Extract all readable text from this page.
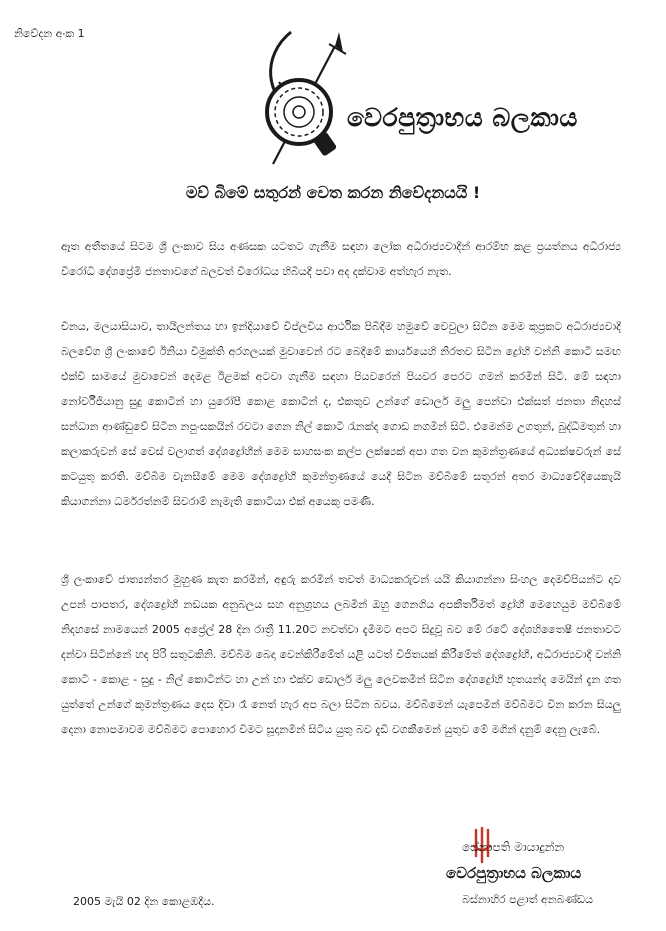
නිවේදන අංක 1
වෙරපුත්‍රාභය බලකාය
මව් බිමේ සතුරන් වෙත කරන නිවේදනයයි !

ඈත අතීතයේ සිටම ශ්‍රී ලංකාව සිය අණසක යටතට ගැනීම සඳහා ලෝක අධිරාජ්‍යවාදීන් ආරම්භ කළ ප්‍රයත්නය අධිරාජ්‍ය විරෝධී දේශප්‍රේමී ජනතාවගේ බලවත් විරෝධය හිබියදී පවා අද දක්වාම අත්හැර නැත.

චීනය, මලයාසියාව, තායිලන්තය හා ඉන්දියාවේ විප්ලවීය ආර්ථික පිබිදීම හමුවේ වෙවුලා සිටින මෙම කුප්‍රකට අධිරාජ්‍යවාදී බලවේග ශ්‍රී ලංකාවේ ඊනියා විමුක්ති අරගලයක් මුවාවෙන් රට බෙදීමේ කාර්යයෙහි නිරතව සිටින ද්‍රෝහී වන්නි කොටි සමඟ එක්වී සාමයේ මුවාවෙන් දෙමළ ඊළමක් අටවා ගැනීම සඳහා පියවරෙන් පියවර පෙරට ගමන් කරමින් සිටී. මේ සඳහා නෝර්වීජියානු සුදු කොටින් හා යුරෝපී කොළ කොටින් ද, එකතුව උන්ගේ ඩොලර් මලු පෙන්වා එක්සත් ජනතා නිදහස් සන්ධාන ආණ්ඩුවේ සිටින නපුංසකයින් රවටා ගෙන නිල් කොටි රැනක්ද ගොඩ නගමින් සිටී. එමෙන්ම උගතුන්, බුද්ධිමතුන් හා කලාකරුවන් සේ වෙස් වලාගත් දේශද්‍රෝහීන් මෙම සාහසංක කල්ප ලක්ෂ්‍යක් අපා ගත වන කුමන්ත්‍රණයේ අධ්‍යක්ෂවරුන් සේ කටයුතු කරති. මව්බිම වැනසීමේ මෙම දේශද්‍රෝහී කුමන්ත්‍රණයේ යෙදී සිටින මව්බිමේ සතුරන් අතර මාධ්‍යවේදියෙකැයි කියාගන්නා ධර්මරත්නම් සිවරාම් නැමැති කොටියා එක් අයෙකු පමණි.

ශ්‍රී ලංකාවේ ජාත්‍යන්තර මුහුණ කැත කරමින්, අඳුරු කරමින් තවත් මාධ්‍යකරුවන් යයි කියාගන්නා සිංහල දෙමව්පියන්ට දාව උපන් පාපතර, දේශද්‍රෝහී නඩයක අනුබලය සහ අනුග්‍රහය ලබමින් ඔහු ගෙනගිය අපකීර්තිමත් ද්‍රෝහී මෙහෙයුම මව්බිමේ නිදහසේ නාමයෙන් 2005 අප්‍රේල් 28 දින රාත්‍රී 11.20ට නවත්වා දැමීමට අපට සිදුවූ බව මේ රටේ දේශහිතෛෂී ජනතාවට දන්වා සිටින්නේ හද පිරි සතුටකිනි. මව්බිම බෙදා වෙන්කිරීමේත් යළි යටත් විජිතයක් කිරීමේත් දේශද්‍රෝහී, අධිරාජ්‍යවාදී වන්නි කොටි - කොළ - සුදු - නිල් කොටින්ට හා උන් හා එක්ව ඩොලර් මලු ලෙවකමින් සිටින දේශද්‍රෝහී භූතයන්ද මෙයින් දැන ගත යුත්තේ උන්ගේ කුමන්ත්‍රණය දෙස දිවා රෑ නෙත් හැර අප බලා සිටින බවය. මව්බිමෙන් යැපෙමින් මව්බිමට වින කරන සියලු දෙනා නොපමාවම මව්බිමට පොහොර වීමට සූදානමින් සිටිය යුතු බව දැඩි වගකීමෙන් යුතුව මේ මගින් දනුම් දෙනු ලැබේ.

සේනාපති මායාදුන්න
වෙරපුත්‍රාභය බලකාය
බස්නාහිර පළාත් අනබණ්ඩය
2005 මැයි 02 දින කොළඹදීය.
